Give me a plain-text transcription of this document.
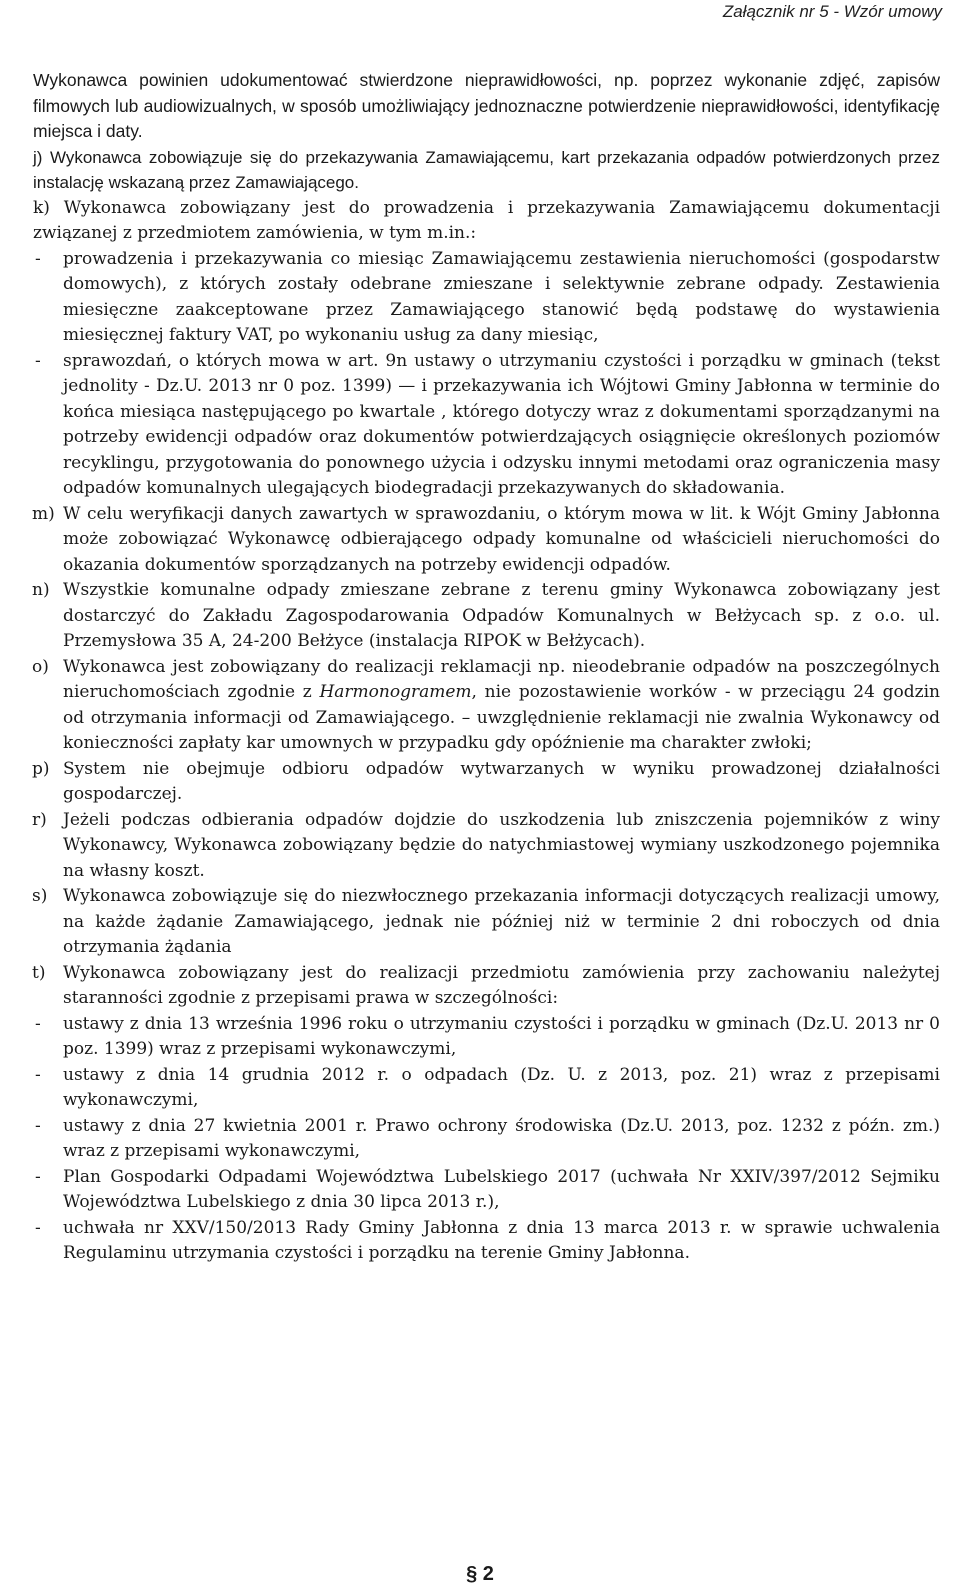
Załącznik nr 5 - Wzór umowy

Wykonawca powinien udokumentować stwierdzone nieprawidłowości, np. poprzez wykonanie zdjęć, zapisów filmowych lub audiowizualnych, w sposób umożliwiający jednoznaczne potwierdzenie nieprawidłowości, identyfikację miejsca i daty.

j) Wykonawca zobowiązuje się do przekazywania Zamawiającemu, kart przekazania odpadów potwierdzonych przez instalację wskazaną przez Zamawiającego.
k) Wykonawca zobowiązany jest do prowadzenia i przekazywania Zamawiającemu dokumentacji związanej z przedmiotem zamówienia, w tym m.in.:
- prowadzenia i przekazywania co miesiąc Zamawiającemu zestawienia nieruchomości (gospodarstw domowych), z których zostały odebrane zmieszane i selektywnie zebrane odpady. Zestawienia miesięczne zaakceptowane przez Zamawiającego stanowić będą podstawę do wystawienia miesięcznej faktury VAT, po wykonaniu usług za dany miesiąc,
- sprawozdań, o których mowa w art. 9n ustawy o utrzymaniu czystości i porządku w gminach (tekst jednolity - Dz.U. 2013 nr 0 poz. 1399) — i przekazywania ich Wójtowi Gminy Jabłonna w terminie do końca miesiąca następującego po kwartale , którego dotyczy wraz z dokumentami sporządzanymi na potrzeby ewidencji odpadów oraz dokumentów potwierdzających osiągnięcie określonych poziomów recyklingu, przygotowania do ponownego użycia i odzysku innymi metodami oraz ograniczenia masy odpadów komunalnych ulegających biodegradacji przekazywanych do składowania.
m) W celu weryfikacji danych zawartych w sprawozdaniu, o którym mowa w lit. k Wójt Gminy Jabłonna może zobowiązać Wykonawcę odbierającego odpady komunalne od właścicieli nieruchomości do okazania dokumentów sporządzanych na potrzeby ewidencji odpadów.
n) Wszystkie komunalne odpady zmieszane zebrane z terenu gminy Wykonawca zobowiązany jest dostarczyć do Zakładu Zagospodarowania Odpadów Komunalnych w Bełżycach sp. z o.o. ul. Przemysłowa 35 A, 24-200 Bełżyce (instalacja RIPOK w Bełżycach).
o) Wykonawca jest zobowiązany do realizacji reklamacji np. nieodebranie odpadów na poszczególnych nieruchomościach zgodnie z Harmonogramem, nie pozostawienie worków - w przeciągu 24 godzin od otrzymania informacji od Zamawiającego. – uwzględnienie reklamacji nie zwalnia Wykonawcy od konieczności zapłaty kar umownych w przypadku gdy opóźnienie ma charakter zwłoki;
p) System nie obejmuje odbioru odpadów wytwarzanych w wyniku prowadzonej działalności gospodarczej.
r) Jeżeli podczas odbierania odpadów dojdzie do uszkodzenia lub zniszczenia pojemników z winy Wykonawcy, Wykonawca zobowiązany będzie do natychmiastowej wymiany uszkodzonego pojemnika na własny koszt.
s) Wykonawca zobowiązuje się do niezwłocznego przekazania informacji dotyczących realizacji umowy, na każde żądanie Zamawiającego, jednak nie później niż w terminie 2 dni roboczych od dnia otrzymania żądania
t) Wykonawca zobowiązany jest do realizacji przedmiotu zamówienia przy zachowaniu należytej staranności zgodnie z przepisami prawa w szczególności:
- ustawy z dnia 13 września 1996 roku o utrzymaniu czystości i porządku w gminach (Dz.U. 2013 nr 0 poz. 1399) wraz z przepisami wykonawczymi,
- ustawy z dnia 14 grudnia 2012 r. o odpadach (Dz. U. z 2013, poz. 21) wraz z przepisami wykonawczymi,
- ustawy z dnia 27 kwietnia 2001 r. Prawo ochrony środowiska (Dz.U. 2013, poz. 1232 z późn. zm.) wraz z przepisami wykonawczymi,
- Plan Gospodarki Odpadami Województwa Lubelskiego 2017 (uchwała Nr XXIV/397/2012 Sejmiku Województwa Lubelskiego z dnia 30 lipca 2013 r.),
- uchwała nr XXV/150/2013 Rady Gminy Jabłonna z dnia 13 marca 2013 r. w sprawie uchwalenia Regulaminu utrzymania czystości i porządku na terenie Gminy Jabłonna.
§ 2
